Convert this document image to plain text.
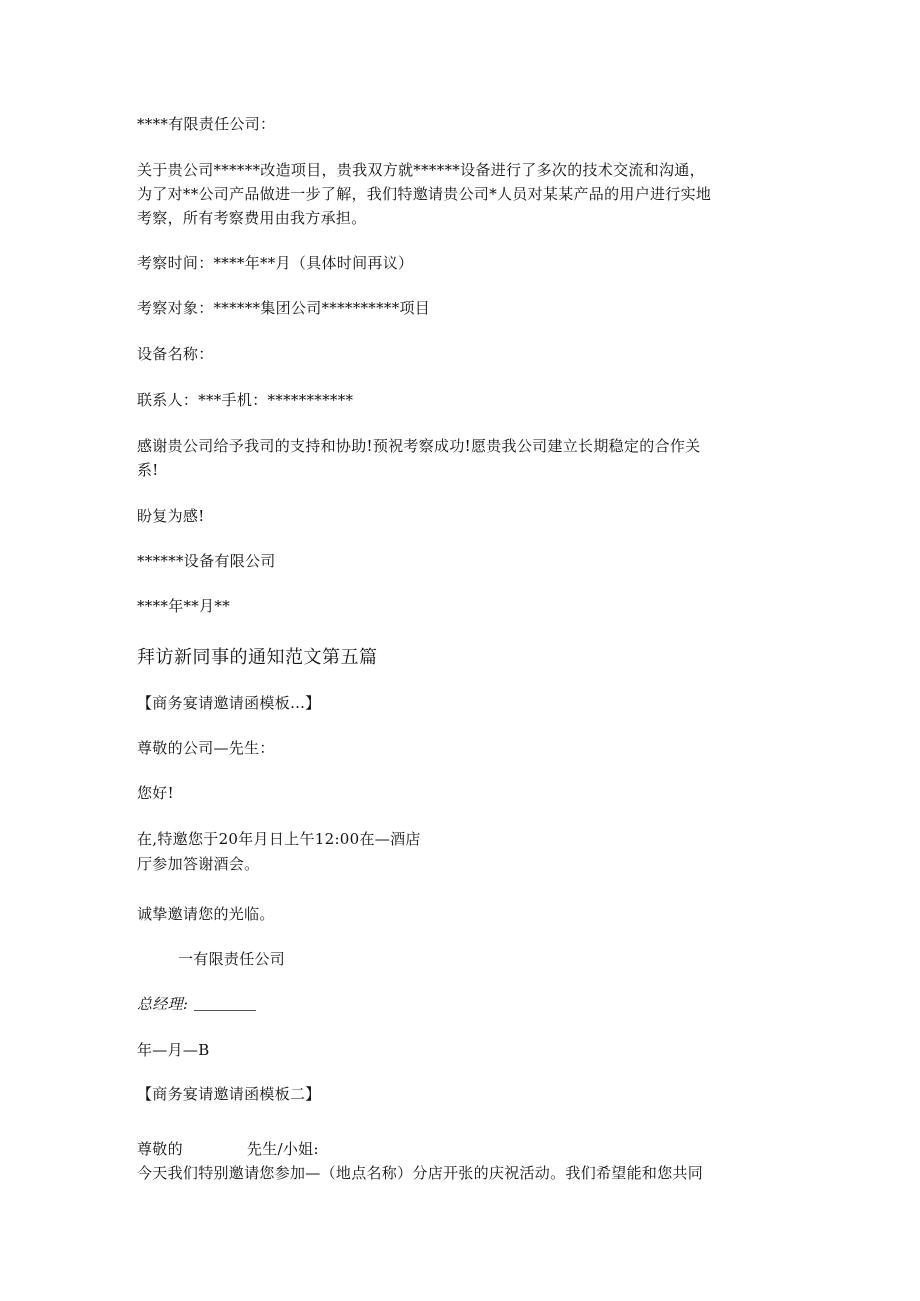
****有限责任公司：
关于贵公司******改造项目，贵我双方就******设备进行了多次的技术交流和沟通，
为了对**公司产品做进一步了解，我们特邀请贵公司*人员对某某产品的用户进行实地
考察，所有考察费用由我方承担。
考察时间：****年**月（具体时间再议）
考察对象：******集团公司**********项目
设备名称：
联系人：***手机：***********
感谢贵公司给予我司的支持和协助!预祝考察成功!愿贵我公司建立长期稳定的合作关
系!
盼复为感!
******设备有限公司
****年**月**
拜访新同事的通知范文第五篇
【商务宴请邀请函模板…】
尊敬的公司—先生：
您好!
在,特邀您于20年月日上午12:00在—酒店
厅参加答谢酒会。
诚挚邀请您的光临。
一有限责任公司
总经理:
年—月—B
【商务宴请邀请函模板二】
尊敬的	先生/小姐:
今天我们特别邀请您参加—（地点名称）分店开张的庆祝活动。我们希望能和您共同
